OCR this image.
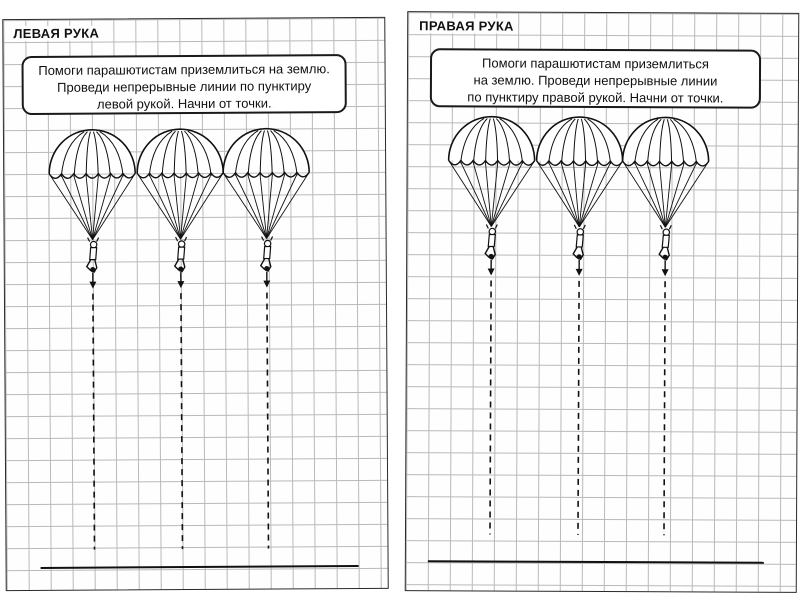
ЛЕВАЯ РУКА
Помоги парашютистам приземлиться на землю.
Проведи непрерывные линии по пунктиру
левой рукой. Начни от точки.
ПРАВАЯ РУКА
Помоги парашютистам приземлиться
на землю. Проведи непрерывные линии
по пунктиру правой рукой. Начни от точки.
